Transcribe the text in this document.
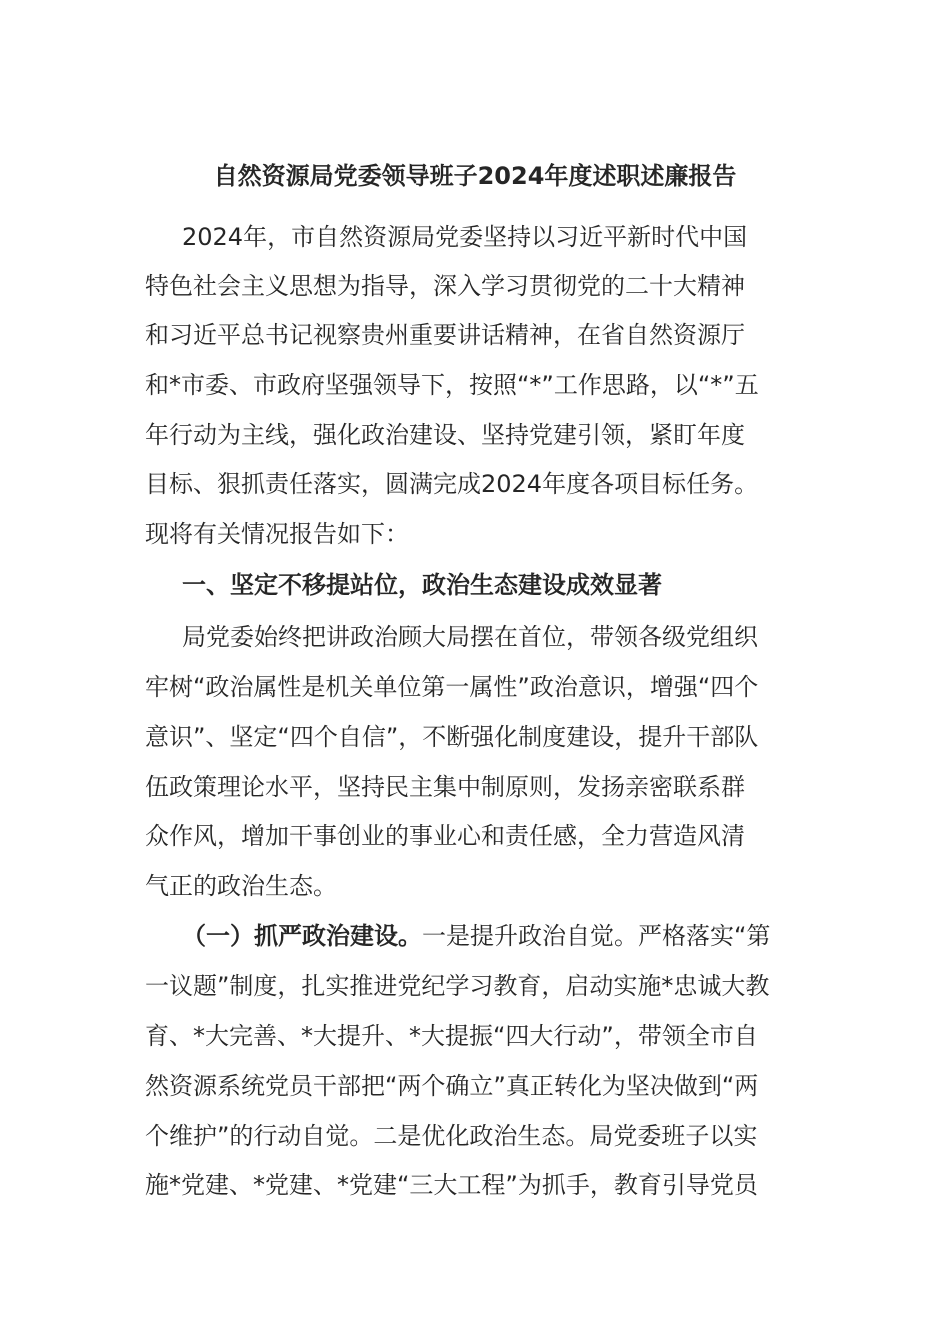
自然资源局党委领导班子2024年度述职述廉报告
2024年，市自然资源局党委坚持以习近平新时代中国
特色社会主义思想为指导，深入学习贯彻党的二十大精神
和习近平总书记视察贵州重要讲话精神，在省自然资源厅
和*市委、市政府坚强领导下，按照“*”工作思路，以“*”五
年行动为主线，强化政治建设、坚持党建引领，紧盯年度
目标、狠抓责任落实，圆满完成2024年度各项目标任务。
现将有关情况报告如下：
一、坚定不移提站位，政治生态建设成效显著
局党委始终把讲政治顾大局摆在首位，带领各级党组织
牢树“政治属性是机关单位第一属性”政治意识，增强“四个
意识”、坚定“四个自信”，不断强化制度建设，提升干部队
伍政策理论水平，坚持民主集中制原则，发扬亲密联系群
众作风，增加干事创业的事业心和责任感，全力营造风清
气正的政治生态。
（一）抓严政治建设。一是提升政治自觉。严格落实“第
一议题”制度，扎实推进党纪学习教育，启动实施*忠诚大教
育、*大完善、*大提升、*大提振“四大行动”，带领全市自
然资源系统党员干部把“两个确立”真正转化为坚决做到“两
个维护”的行动自觉。二是优化政治生态。局党委班子以实
施*党建、*党建、*党建“三大工程”为抓手，教育引导党员
